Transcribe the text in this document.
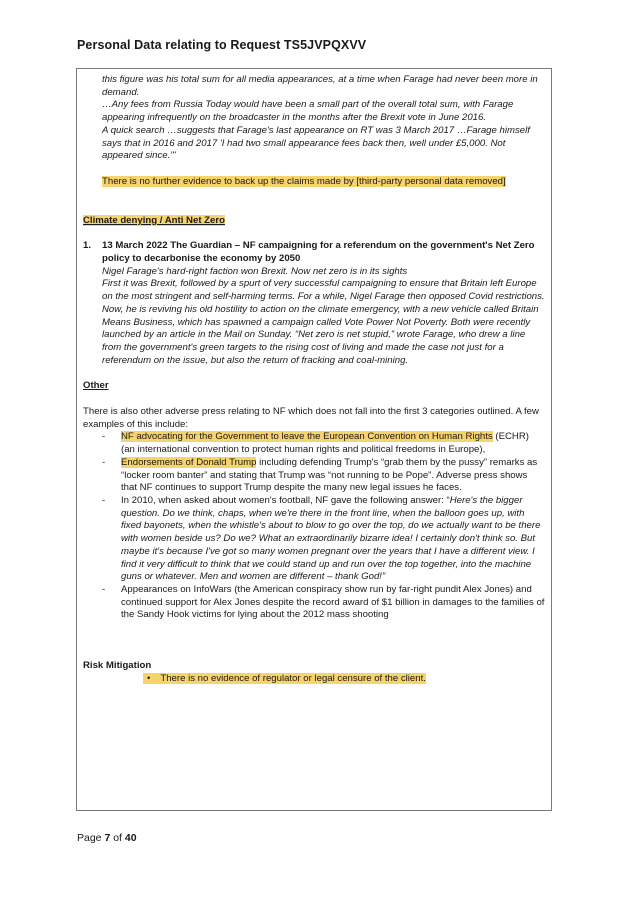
Personal Data relating to Request TS5JVPQXVV

this figure was his total sum for all media appearances, at a time when Farage had never been more in demand.

…Any fees from Russia Today would have been a small part of the overall total sum, with Farage appearing infrequently on the broadcaster in the months after the Brexit vote in June 2016.

A quick search …suggests that Farage's last appearance on RT was 3 March 2017 …Farage himself says that in 2016 and 2017 'I had two small appearance fees back then, well under £5,000. Not appeared since.'"

There is no further evidence to back up the claims made by [third-party personal data removed]

Climate denying / Anti Net Zero

1. 13 March 2022 The Guardian – NF campaigning for a referendum on the government's Net Zero policy to decarbonise the economy by 2050

Nigel Farage's hard-right faction won Brexit. Now net zero is in its sights

First it was Brexit, followed by a spurt of very successful campaigning to ensure that Britain left Europe on the most stringent and self-harming terms. For a while, Nigel Farage then opposed Covid restrictions. Now, he is reviving his old hostility to action on the climate emergency, with a new vehicle called Britain Means Business, which has spawned a campaign called Vote Power Not Poverty. Both were recently launched by an article in the Mail on Sunday. “Net zero is net stupid,” wrote Farage, who drew a line from the government's green targets to the rising cost of living and made the case not just for a referendum on the issue, but also the return of fracking and coal-mining.

Other

There is also other adverse press relating to NF which does not fall into the first 3 categories outlined. A few examples of this include:

- NF advocating for the Government to leave the European Convention on Human Rights (ECHR) (an international convention to protect human rights and political freedoms in Europe),
- Endorsements of Donald Trump including defending Trump's “grab them by the pussy” remarks as “locker room banter” and stating that Trump was “not running to be Pope”. Adverse press shows that NF continues to support Trump despite the many new legal issues he faces.
- In 2010, when asked about women's football, NF gave the following answer: “Here's the bigger question. Do we think, chaps, when we're there in the front line, when the balloon goes up, with fixed bayonets, when the whistle's about to blow to go over the top, do we actually want to be there with women beside us? Do we? What an extraordinarily bizarre idea! I certainly don't think so. But maybe it's because I've got so many women pregnant over the years that I have a different view. I find it very difficult to think that we could stand up and run over the top together, into the machine guns or whatever. Men and women are different – thank God!”
- Appearances on InfoWars (the American conspiracy show run by far-right pundit Alex Jones) and continued support for Alex Jones despite the record award of $1 billion in damages to the families of the Sandy Hook victims for lying about the 2012 mass shooting

Risk Mitigation

• There is no evidence of regulator or legal censure of the client.

Page 7 of 40
